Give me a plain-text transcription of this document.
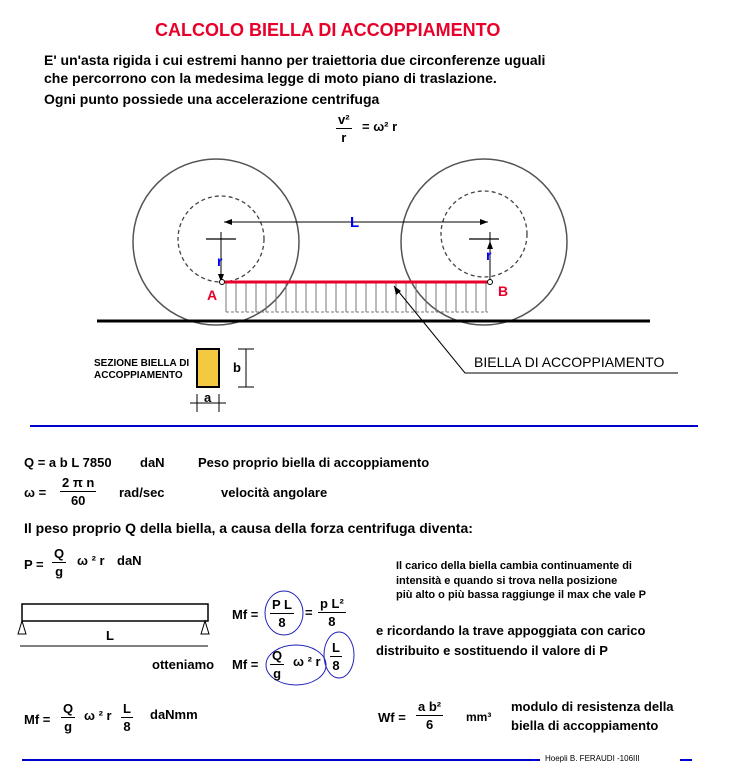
CALCOLO BIELLA DI ACCOPPIAMENTO
E' un'asta rigida i cui estremi hanno per traiettoria due circonferenze uguali
che percorrono con la medesima legge di moto piano di traslazione.
Ogni punto possiede una accelerazione centrifuga
v²
r
= ω² r
L
r	r
A	B
BIELLA DI ACCOPPIAMENTO
SEZIONE BIELLA DI
ACCOPPIAMENTO
b
a
Q = a b L 7850 daN	Peso proprio biella di accoppiamento
ω =
2 π n
60
rad/sec	velocità angolare
Il peso proprio Q della biella, a causa della forza centrifuga diventa:
P =
Q
g
ω ² r daN	Il carico della biella cambia continuamente di
intensità e quando si trova nella posizione
più alto o più bassa raggiunge il max che vale P
L
Mf =
P L
8
=
p L²
8
e ricordando la trave appoggiata con carico
distribuito e sostituendo il valore di P
otteniamo Mf =
Q
g
ω ² r
L
8
Mf =
Q
g
ω ² r L
8
daNmm	Wf =
a b²
6	mm³
modulo di resistenza della
biella di accoppiamento
Hoepli B. FERAUDI -106III
